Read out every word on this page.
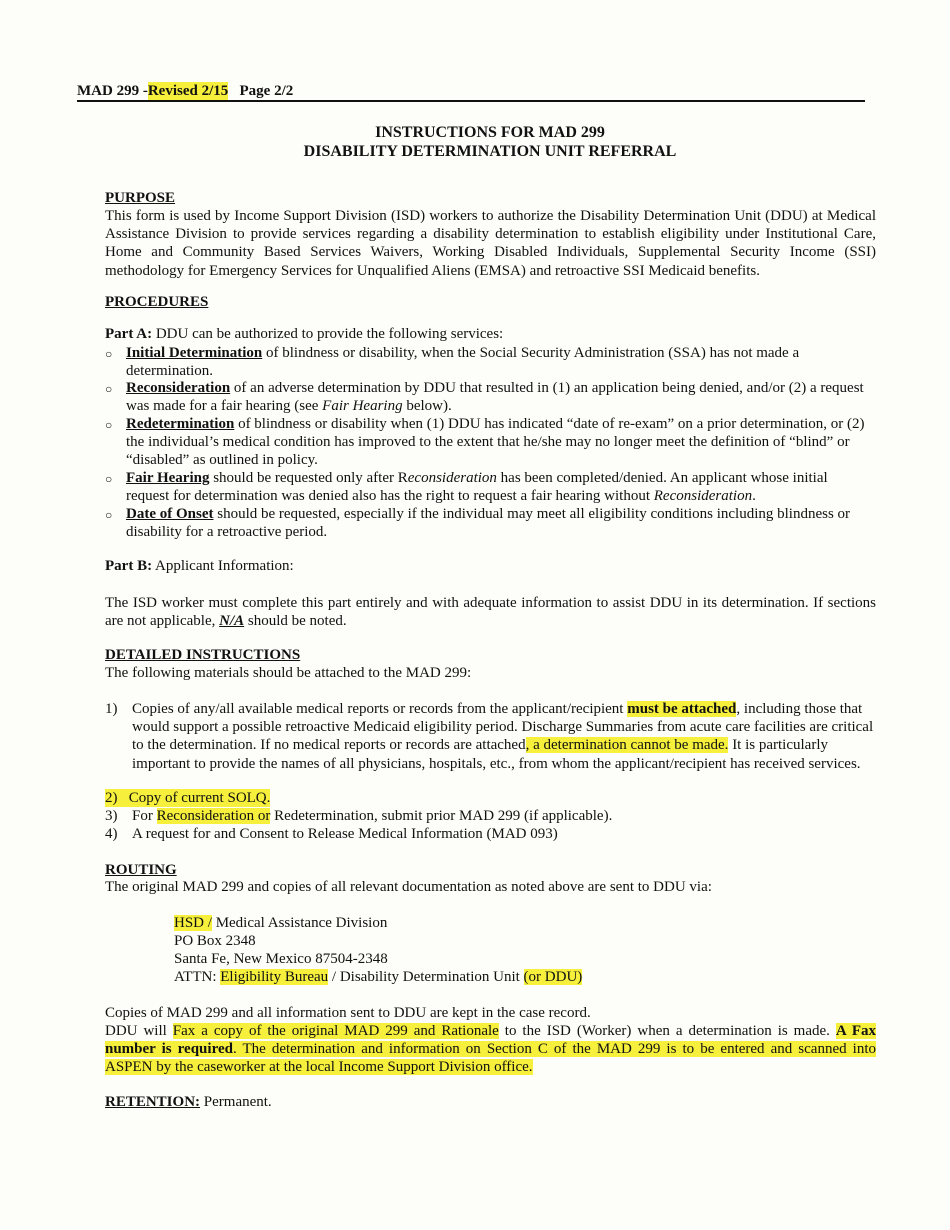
MAD 299 -Revised 2/15 Page 2/2
INSTRUCTIONS FOR MAD 299
DISABILITY DETERMINATION UNIT REFERRAL
PURPOSE
This form is used by Income Support Division (ISD) workers to authorize the Disability Determination Unit (DDU) at Medical Assistance Division to provide services regarding a disability determination to establish eligibility under Institutional Care, Home and Community Based Services Waivers, Working Disabled Individuals, Supplemental Security Income (SSI) methodology for Emergency Services for Unqualified Aliens (EMSA) and retroactive SSI Medicaid benefits.
PROCEDURES
Part A: DDU can be authorized to provide the following services:
○ Initial Determination of blindness or disability, when the Social Security Administration (SSA) has not made a determination.
○ Reconsideration of an adverse determination by DDU that resulted in (1) an application being denied, and/or (2) a request was made for a fair hearing (see Fair Hearing below).
○ Redetermination of blindness or disability when (1) DDU has indicated “date of re-exam” on a prior determination, or (2) the individual’s medical condition has improved to the extent that he/she may no longer meet the definition of “blind” or “disabled” as outlined in policy.
○ Fair Hearing should be requested only after Reconsideration has been completed/denied. An applicant whose initial request for determination was denied also has the right to request a fair hearing without Reconsideration.
○ Date of Onset should be requested, especially if the individual may meet all eligibility conditions including blindness or disability for a retroactive period.
Part B: Applicant Information:
The ISD worker must complete this part entirely and with adequate information to assist DDU in its determination. If sections are not applicable, N/A should be noted.
DETAILED INSTRUCTIONS
The following materials should be attached to the MAD 299:
1) Copies of any/all available medical reports or records from the applicant/recipient must be attached, including those that would support a possible retroactive Medicaid eligibility period. Discharge Summaries from acute care facilities are critical to the determination. If no medical reports or records are attached, a determination cannot be made. It is particularly important to provide the names of all physicians, hospitals, etc., from whom the applicant/recipient has received services.
2) Copy of current SOLQ.
3) For Reconsideration or Redetermination, submit prior MAD 299 (if applicable).
4) A request for and Consent to Release Medical Information (MAD 093)
ROUTING
The original MAD 299 and copies of all relevant documentation as noted above are sent to DDU via:
HSD / Medical Assistance Division
PO Box 2348
Santa Fe, New Mexico 87504-2348
ATTN: Eligibility Bureau / Disability Determination Unit (or DDU)
Copies of MAD 299 and all information sent to DDU are kept in the case record.
DDU will Fax a copy of the original MAD 299 and Rationale to the ISD (Worker) when a determination is made. A Fax number is required. The determination and information on Section C of the MAD 299 is to be entered and scanned into ASPEN by the caseworker at the local Income Support Division office.
RETENTION: Permanent.
